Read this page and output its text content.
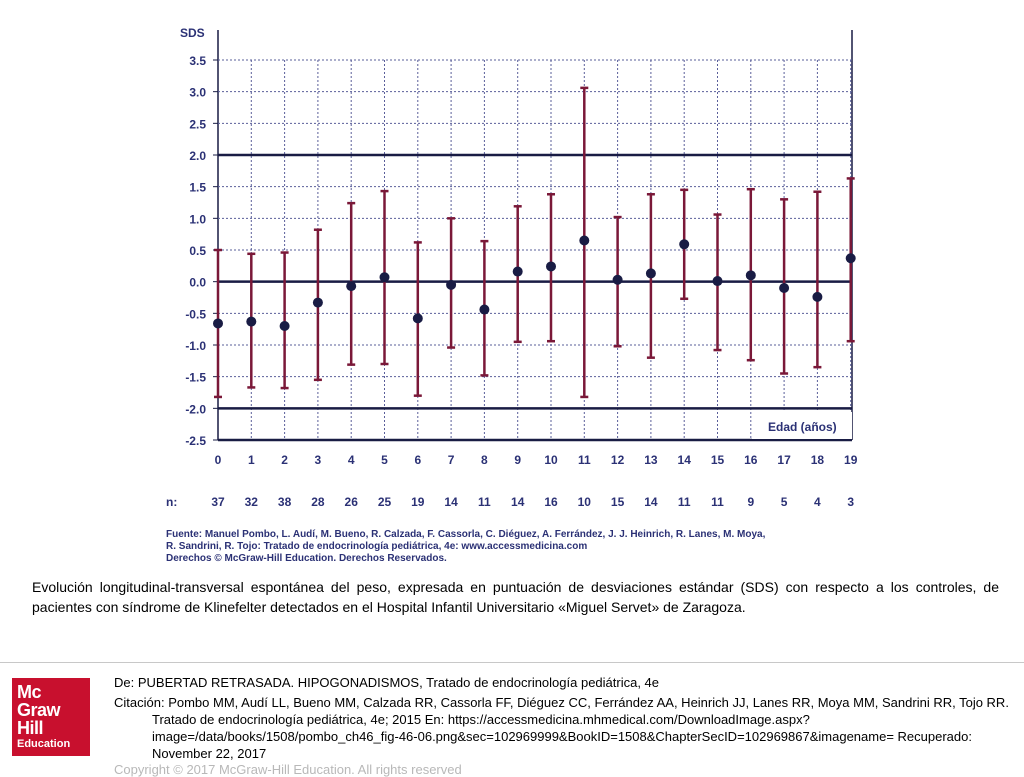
3.5
3.0
2.5
2.0
1.5
1.0
0.5
0.0
-0.5
-1.0
-1.5
-2.0
-2.5
SDS
Edad (años)
0
37
1
32
2
38
3
28
4
26
5
25
6
19
7
14
8
11
9
14
10
16
11
10
12
15
13
14
14
11
15
11
16
9
17
5
18
4
19
3
n:
Fuente: Manuel Pombo, L. Audí, M. Bueno, R. Calzada, F. Cassorla, C. Diéguez, A. Ferrández, J. J. Heinrich, R. Lanes, M. Moya,
R. Sandrini, R. Tojo: Tratado de endocrinología pediátrica, 4e: www.accessmedicina.com
Derechos © McGraw-Hill Education. Derechos Reservados.
Evolución longitudinal-transversal espontánea del peso, expresada en puntuación de desviaciones estándar (SDS) con respecto a los controles, de pacientes con síndrome de Klinefelter detectados en el Hospital Infantil Universitario «Miguel Servet» de Zaragoza.
Mc
Graw
Hill
Education
De: PUBERTAD RETRASADA. HIPOGONADISMOS, Tratado de endocrinología pediátrica, 4e
Citación: Pombo MM, Audí LL, Bueno MM, Calzada RR, Cassorla FF, Diéguez CC, Ferrández AA, Heinrich JJ, Lanes RR, Moya MM, Sandrini RR, Tojo RR. Tratado de endocrinología pediátrica, 4e; 2015 En: https://accessmedicina.mhmedical.com/DownloadImage.aspx?image=/data/books/1508/pombo_ch46_fig-46-06.png&sec=102969999&BookID=1508&ChapterSecID=102969867&imagename= Recuperado: November 22, 2017
Copyright © 2017 McGraw-Hill Education. All rights reserved
